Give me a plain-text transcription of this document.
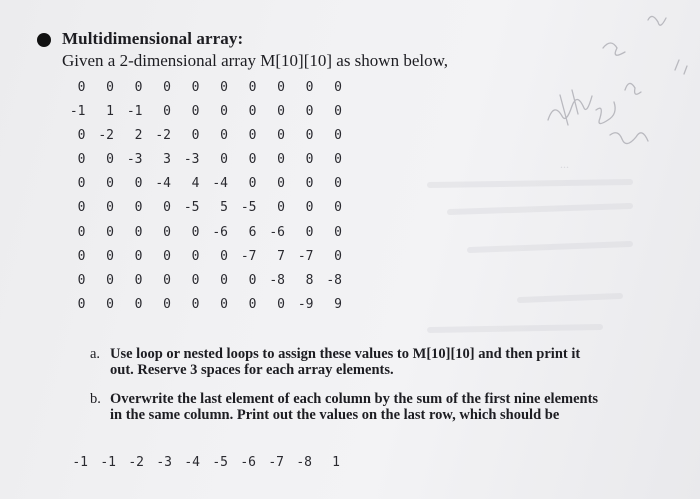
...
Multidimensional array:
Given a 2-dimensional array M[10][10] as shown below,
0 0 0 0 0 0 0 0 0 0
-1 1 -1 0 0 0 0 0 0 0
0 -2 2 -2 0 0 0 0 0 0
0 0 -3 3 -3 0 0 0 0 0
0 0 0 -4 4 -4 0 0 0 0
0 0 0 0 -5 5 -5 0 0 0
0 0 0 0 0 -6 6 -6 0 0
0 0 0 0 0 0 -7 7 -7 0
0 0 0 0 0 0 0 -8 8 -8
0 0 0 0 0 0 0 0 -9 9
a. Use loop or nested loops to assign these values to M[10][10] and then print it out. Reserve 3 spaces for each array elements.
b. Overwrite the last element of each column by the sum of the first nine elements in the same column. Print out the values on the last row, which should be
-1 -1 -2 -3 -4 -5 -6 -7 -8 1
